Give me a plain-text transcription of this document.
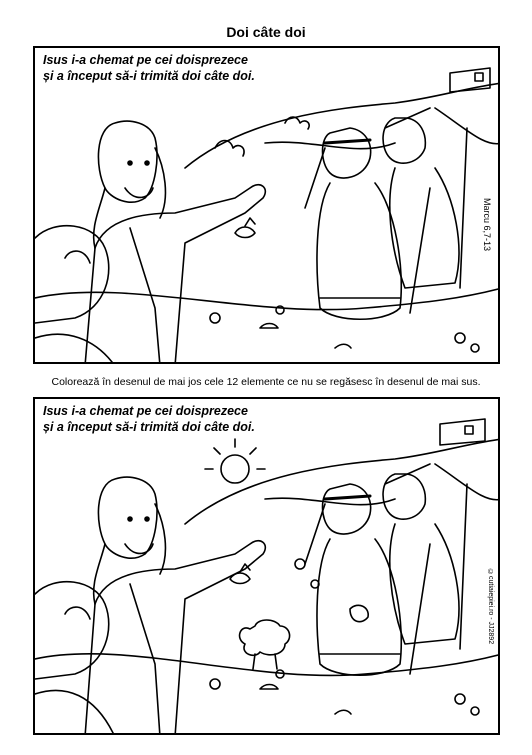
Doi câte doi
Isus i-a chemat pe cei doisprezece
și a început să-i trimită doi câte doi.
Marcu 6,7-13
Colorează în desenul de mai jos cele 12 elemente ce nu se regăsesc în desenul de mai sus.
Isus i-a chemat pe cei doisprezece
și a început să-i trimită doi câte doi.
©cutiaiepiei.ro - JJ2892
